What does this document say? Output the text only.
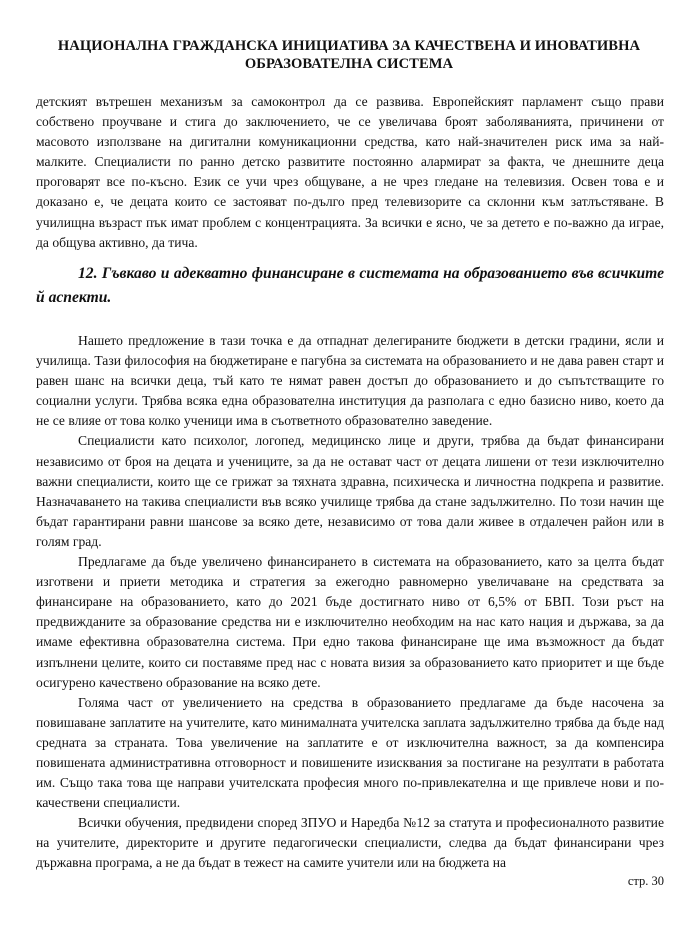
НАЦИОНАЛНА ГРАЖДАНСКА ИНИЦИАТИВА ЗА КАЧЕСТВЕНА И ИНОВАТИВНА
ОБРАЗОВАТЕЛНА СИСТЕМА

детският вътрешен механизъм за самоконтрол да се развива. Европейският парламент също прави собствено проучване и стига до заключението, че се увеличава броят заболяванията, причинени от масовото използване на дигитални комуникационни средства, като най-значителен риск има за най-малките. Специалисти по ранно детско развитите постоянно алармират за факта, че днешните деца проговарят все по-късно. Език се учи чрез общуване, а не чрез гледане на телевизия. Освен това е и доказано е, че децата които се застояват по-дълго пред телевизорите са склонни към затлъстяване. В училищна възраст пък имат проблем с концентрацията. За всички е ясно, че за детето е по-важно да играе, да общува активно, да тича.

12. Гъвкаво и адекватно финансиране в системата на образованието във всичките й аспекти.

Нашето предложение в тази точка е да отпаднат делегираните бюджети в детски градини, ясли и училища. Тази философия на бюджетиране е пагубна за системата на образованието и не дава равен старт и равен шанс на всички деца, тъй като те нямат равен достъп до образованието и до съпътстващите го социални услуги. Трябва всяка една образователна институция да разполага с едно базисно ниво, което да не се влияе от това колко ученици има в съответното образователно заведение.

Специалисти като психолог, логопед, медицинско лице и други, трябва да бъдат финансирани независимо от броя на децата и учениците, за да не остават част от децата лишени от тези изключително важни специалисти, които ще се грижат за тяхната здравна, психическа и личностна подкрепа и развитие. Назначаването на такива специалисти във всяко училище трябва да стане задължително. По този начин ще бъдат гарантирани равни шансове за всяко дете, независимо от това дали живее в отдалечен район или в голям град.

Предлагаме да бъде увеличено финансирането в системата на образованието, като за целта бъдат изготвени и приети методика и стратегия за ежегодно равномерно увеличаване на средствата за финансиране на образованието, като до 2021 бъде достигнато ниво от 6,5% от БВП. Този ръст на предвижданите за образование средства ни е изключително необходим на нас като нация и държава, за да имаме ефективна образователна система. При едно такова финансиране ще има възможност да бъдат изпълнени целите, които си поставяме пред нас с новата визия за образованието като приоритет и ще бъде осигурено качествено образование на всяко дете.

Голяма част от увеличението на средства в образованието предлагаме да бъде насочена за повишаване заплатите на учителите, като минималната учителска заплата задължително трябва да бъде над средната за страната. Това увеличение на заплатите е от изключителна важност, за да компенсира повишената административна отговорност и повишените изисквания за постигане на резултати в работата им. Също така това ще направи учителската професия много по-привлекателна и ще привлече нови и по-качествени специалисти.

Всички обучения, предвидени според ЗПУО и Наредба №12 за статута и професионалното развитие на учителите, директорите и другите педагогически специалисти, следва да бъдат финансирани чрез държавна програма, а не да бъдат в тежест на самите учители или на бюджета на

стр. 30
